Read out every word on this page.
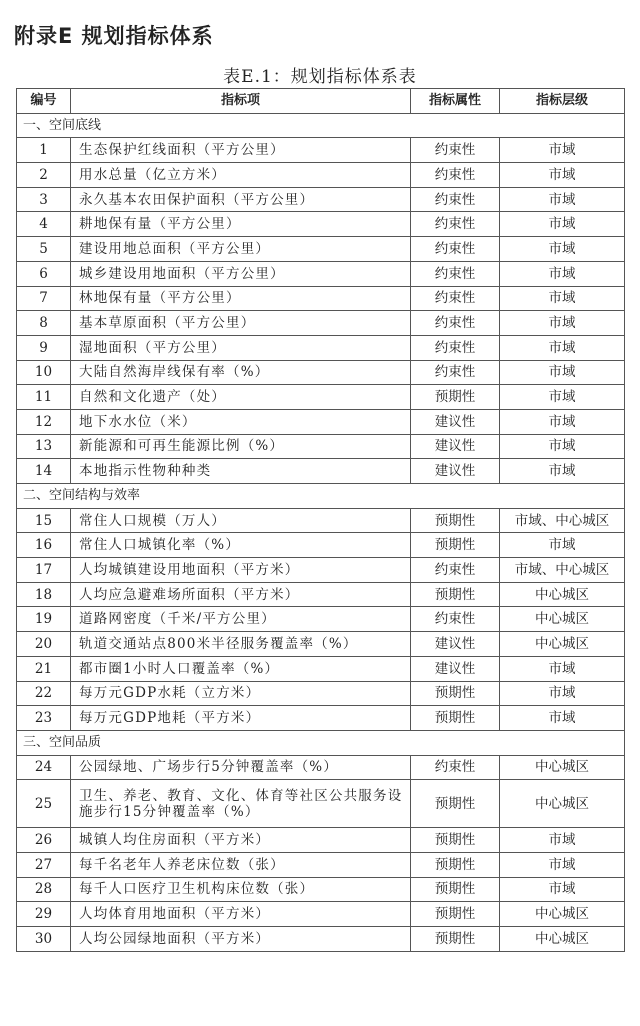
附录E 规划指标体系
表E.1：规划指标体系表
编号	指标项	指标属性	指标层级
一、空间底线			
1	生态保护红线面积（平方公里）	约束性	市域
2	用水总量（亿立方米）	约束性	市域
3	永久基本农田保护面积（平方公里）	约束性	市域
4	耕地保有量（平方公里）	约束性	市域
5	建设用地总面积（平方公里）	约束性	市域
6	城乡建设用地面积（平方公里）	约束性	市域
7	林地保有量（平方公里）	约束性	市域
8	基本草原面积（平方公里）	约束性	市域
9	湿地面积（平方公里）	约束性	市域
10	大陆自然海岸线保有率（%）	约束性	市域
11	自然和文化遗产（处）	预期性	市域
12	地下水水位（米）	建议性	市域
13	新能源和可再生能源比例（%）	建议性	市域
14	本地指示性物种种类	建议性	市域
二、空间结构与效率			
15	常住人口规模（万人）	预期性	市域、中心城区
16	常住人口城镇化率（%）	预期性	市域
17	人均城镇建设用地面积（平方米）	约束性	市域、中心城区
18	人均应急避难场所面积（平方米）	预期性	中心城区
19	道路网密度（千米/平方公里）	约束性	中心城区
20	轨道交通站点800米半径服务覆盖率（%）	建议性	中心城区
21	都市圈1小时人口覆盖率（%）	建议性	市域
22	每万元GDP水耗（立方米）	预期性	市域
23	每万元GDP地耗（平方米）	预期性	市域
三、空间品质			
24	公园绿地、广场步行5分钟覆盖率（%）	约束性	中心城区
25	卫生、养老、教育、文化、体育等社区公共服务设施步行15分钟覆盖率（%）	预期性	中心城区
26	城镇人均住房面积（平方米）	预期性	市域
27	每千名老年人养老床位数（张）	预期性	市域
28	每千人口医疗卫生机构床位数（张）	预期性	市域
29	人均体育用地面积（平方米）	预期性	中心城区
30	人均公园绿地面积（平方米）	预期性	中心城区
